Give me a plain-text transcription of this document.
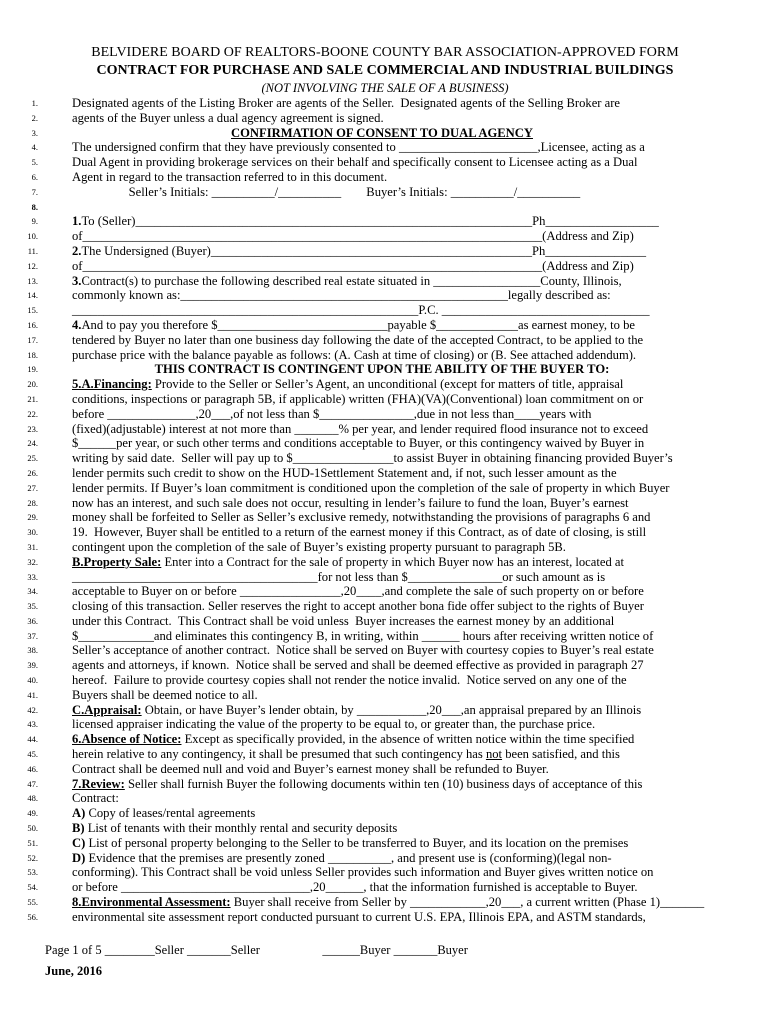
BELVIDERE BOARD OF REALTORS-BOONE COUNTY BAR ASSOCIATION-APPROVED FORM
CONTRACT FOR PURCHASE AND SALE COMMERCIAL AND INDUSTRIAL BUILDINGS
(NOT INVOLVING THE SALE OF A BUSINESS)
1.	Designated agents of the Listing Broker are agents of the Seller.  Designated agents of the Selling Broker are
2.	agents of the Buyer unless a dual agency agreement is signed.
3.	CONFIRMATION OF CONSENT TO DUAL AGENCY
4.	The undersigned confirm that they have previously consented to ______________________,Licensee, acting as a
5.	Dual Agent in providing brokerage services on their behalf and specifically consent to Licensee acting as a Dual
6.	Agent in regard to the transaction referred to in this document.
7.	Seller’s Initials: __________/__________        Buyer’s Initials: __________/__________
8.
9.	1.To (Seller)_______________________________________________________________Ph__________________
10.	of_________________________________________________________________________(Address and Zip)
11.	2.The Undersigned (Buyer)___________________________________________________Ph________________
12.	of_________________________________________________________________________(Address and Zip)
13.	3.Contract(s) to purchase the following described real estate situated in _________________County, Illinois,
14.	commonly known as:____________________________________________________legally described as:
15.	_______________________________________________________P.C. _________________________________
16.	4.And to pay you therefore $___________________________payable $_____________as earnest money, to be
17.	tendered by Buyer no later than one business day following the date of the accepted Contract, to be applied to the
18.	purchase price with the balance payable as follows: (A. Cash at time of closing) or (B. See attached addendum).
19.	THIS CONTRACT IS CONTINGENT UPON THE ABILITY OF THE BUYER TO:
20.	5.A.Financing: Provide to the Seller or Seller’s Agent, an unconditional (except for matters of title, appraisal
21.	conditions, inspections or paragraph 5B, if applicable) written (FHA)(VA)(Conventional) loan commitment on or
22.	before ______________,20___,of not less than $_______________,due in not less than____years with
23.	(fixed)(adjustable) interest at not more than _______% per year, and lender required flood insurance not to exceed
24.	$______per year, or such other terms and conditions acceptable to Buyer, or this contingency waived by Buyer in
25.	writing by said date.  Seller will pay up to $________________to assist Buyer in obtaining financing provided Buyer’s
26.	lender permits such credit to show on the HUD-1Settlement Statement and, if not, such lesser amount as the
27.	lender permits. If Buyer’s loan commitment is conditioned upon the completion of the sale of property in which Buyer
28.	now has an interest, and such sale does not occur, resulting in lender’s failure to fund the loan, Buyer’s earnest
29.	money shall be forfeited to Seller as Seller’s exclusive remedy, notwithstanding the provisions of paragraphs 6 and
30.	19.  However, Buyer shall be entitled to a return of the earnest money if this Contract, as of date of closing, is still
31.	contingent upon the completion of the sale of Buyer’s existing property pursuant to paragraph 5B.
32.	B.Property Sale: Enter into a Contract for the sale of property in which Buyer now has an interest, located at
33.	_______________________________________for not less than $_______________or such amount as is
34.	acceptable to Buyer on or before ________________,20____,and complete the sale of such property on or before
35.	closing of this transaction. Seller reserves the right to accept another bona fide offer subject to the rights of Buyer
36.	under this Contract.  This Contract shall be void unless  Buyer increases the earnest money by an additional
37.	$____________and eliminates this contingency B, in writing, within ______ hours after receiving written notice of
38.	Seller’s acceptance of another contract.  Notice shall be served on Buyer with courtesy copies to Buyer’s real estate
39.	agents and attorneys, if known.  Notice shall be served and shall be deemed effective as provided in paragraph 27
40.	hereof.  Failure to provide courtesy copies shall not render the notice invalid.  Notice served on any one of the
41.	Buyers shall be deemed notice to all.
42.	C.Appraisal: Obtain, or have Buyer’s lender obtain, by ___________,20___,an appraisal prepared by an Illinois
43.	licensed appraiser indicating the value of the property to be equal to, or greater than, the purchase price.
44.	6.Absence of Notice: Except as specifically provided, in the absence of written notice within the time specified
45.	herein relative to any contingency, it shall be presumed that such contingency has not been satisfied, and this
46.	Contract shall be deemed null and void and Buyer’s earnest money shall be refunded to Buyer.
47.	7.Review: Seller shall furnish Buyer the following documents within ten (10) business days of acceptance of this
48.	Contract:
49.	A) Copy of leases/rental agreements
50.	B) List of tenants with their monthly rental and security deposits
51.	C) List of personal property belonging to the Seller to be transferred to Buyer, and its location on the premises
52.	D) Evidence that the premises are presently zoned __________, and present use is (conforming)(legal non-
53.	conforming). This Contract shall be void unless Seller provides such information and Buyer gives written notice on
54.	or before ______________________________,20______, that the information furnished is acceptable to Buyer.
55.	8.Environmental Assessment: Buyer shall receive from Seller by ____________,20___, a current written (Phase 1)_______
56.	environmental site assessment report conducted pursuant to current U.S. EPA, Illinois EPA, and ASTM standards,
Page 1 of 5 ________Seller _______Seller                    ______Buyer _______Buyer
June, 2016
